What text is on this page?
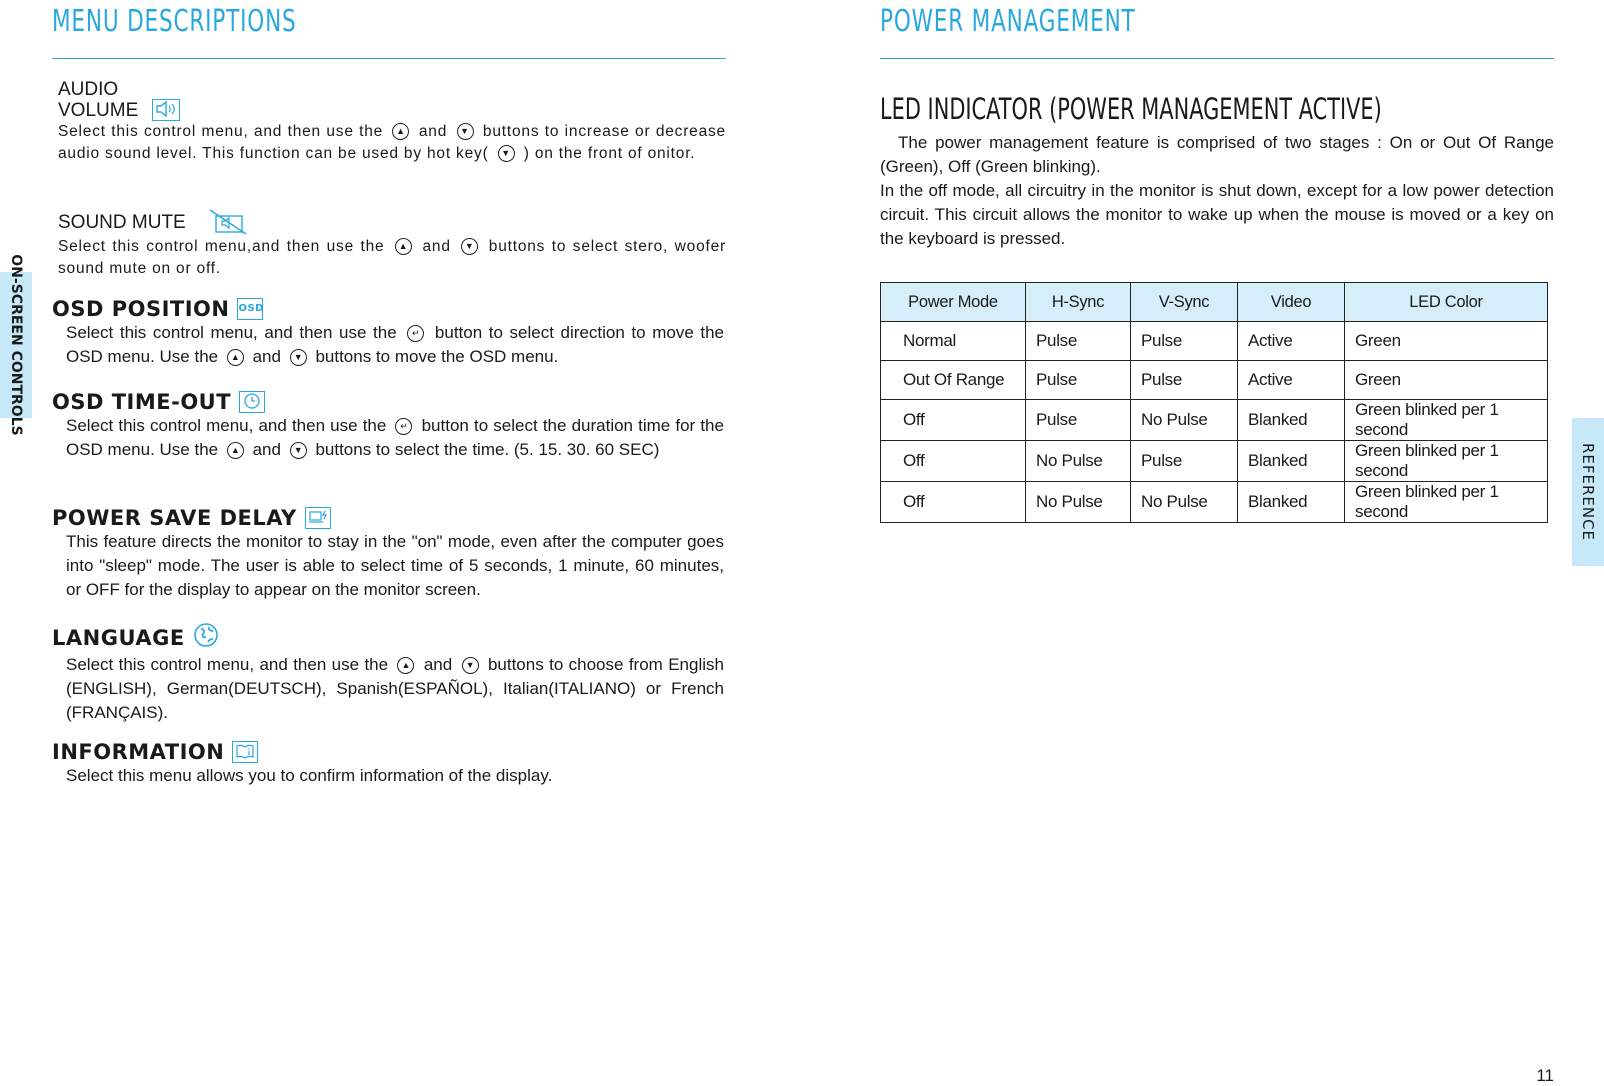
MENU DESCRIPTIONS
ON-SCREEN CONTROLS
AUDIO
VOLUME
Select this control menu, and then use the ▲ and ▼ buttons to increase or decrease audio sound level. This function can be used by hot key( ▼ ) on the front of onitor.
SOUND MUTE
Select this control menu,and then use the ▲ and ▼ buttons to select stero, woofer sound mute on or off.
OSD POSITION OSD
Select this control menu, and then use the ↵ button to select direction to move the OSD menu. Use the ▲ and ▼ buttons to move the OSD menu.
OSD TIME-OUT
Select this control menu, and then use the ↵ button to select the duration time for the OSD menu. Use the ▲ and ▼ buttons to select the time. (5. 15. 30. 60 SEC)
POWER SAVE DELAY
This feature directs the monitor to stay in the "on" mode, even after the computer goes into "sleep" mode. The user is able to select time of 5 seconds, 1 minute, 60 minutes, or OFF for the display to appear on the monitor screen.
LANGUAGE
Select this control menu, and then use the ▲ and ▼ buttons to choose from English (ENGLISH), German(DEUTSCH), Spanish(ESPAÑOL), Italian(ITALIANO) or French (FRANÇAIS).
INFORMATION
Select this menu allows you to confirm information of the display.
POWER MANAGEMENT
REFERENCE
LED INDICATOR (POWER MANAGEMENT ACTIVE)
The power management feature is comprised of two stages : On or Out Of Range (Green), Off (Green blinking).
In the off mode, all circuitry in the monitor is shut down, except for a low power detection circuit. This circuit allows the monitor to wake up when the mouse is moved or a key on the keyboard is pressed.
Power Mode	H-Sync	V-Sync	Video	LED Color
Normal	Pulse	Pulse	Active	Green
Out Of Range	Pulse	Pulse	Active	Green
Off	Pulse	No Pulse	Blanked	Green blinked per 1 second
Off	No Pulse	Pulse	Blanked	Green blinked per 1 second
Off	No Pulse	No Pulse	Blanked	Green blinked per 1 second
11
